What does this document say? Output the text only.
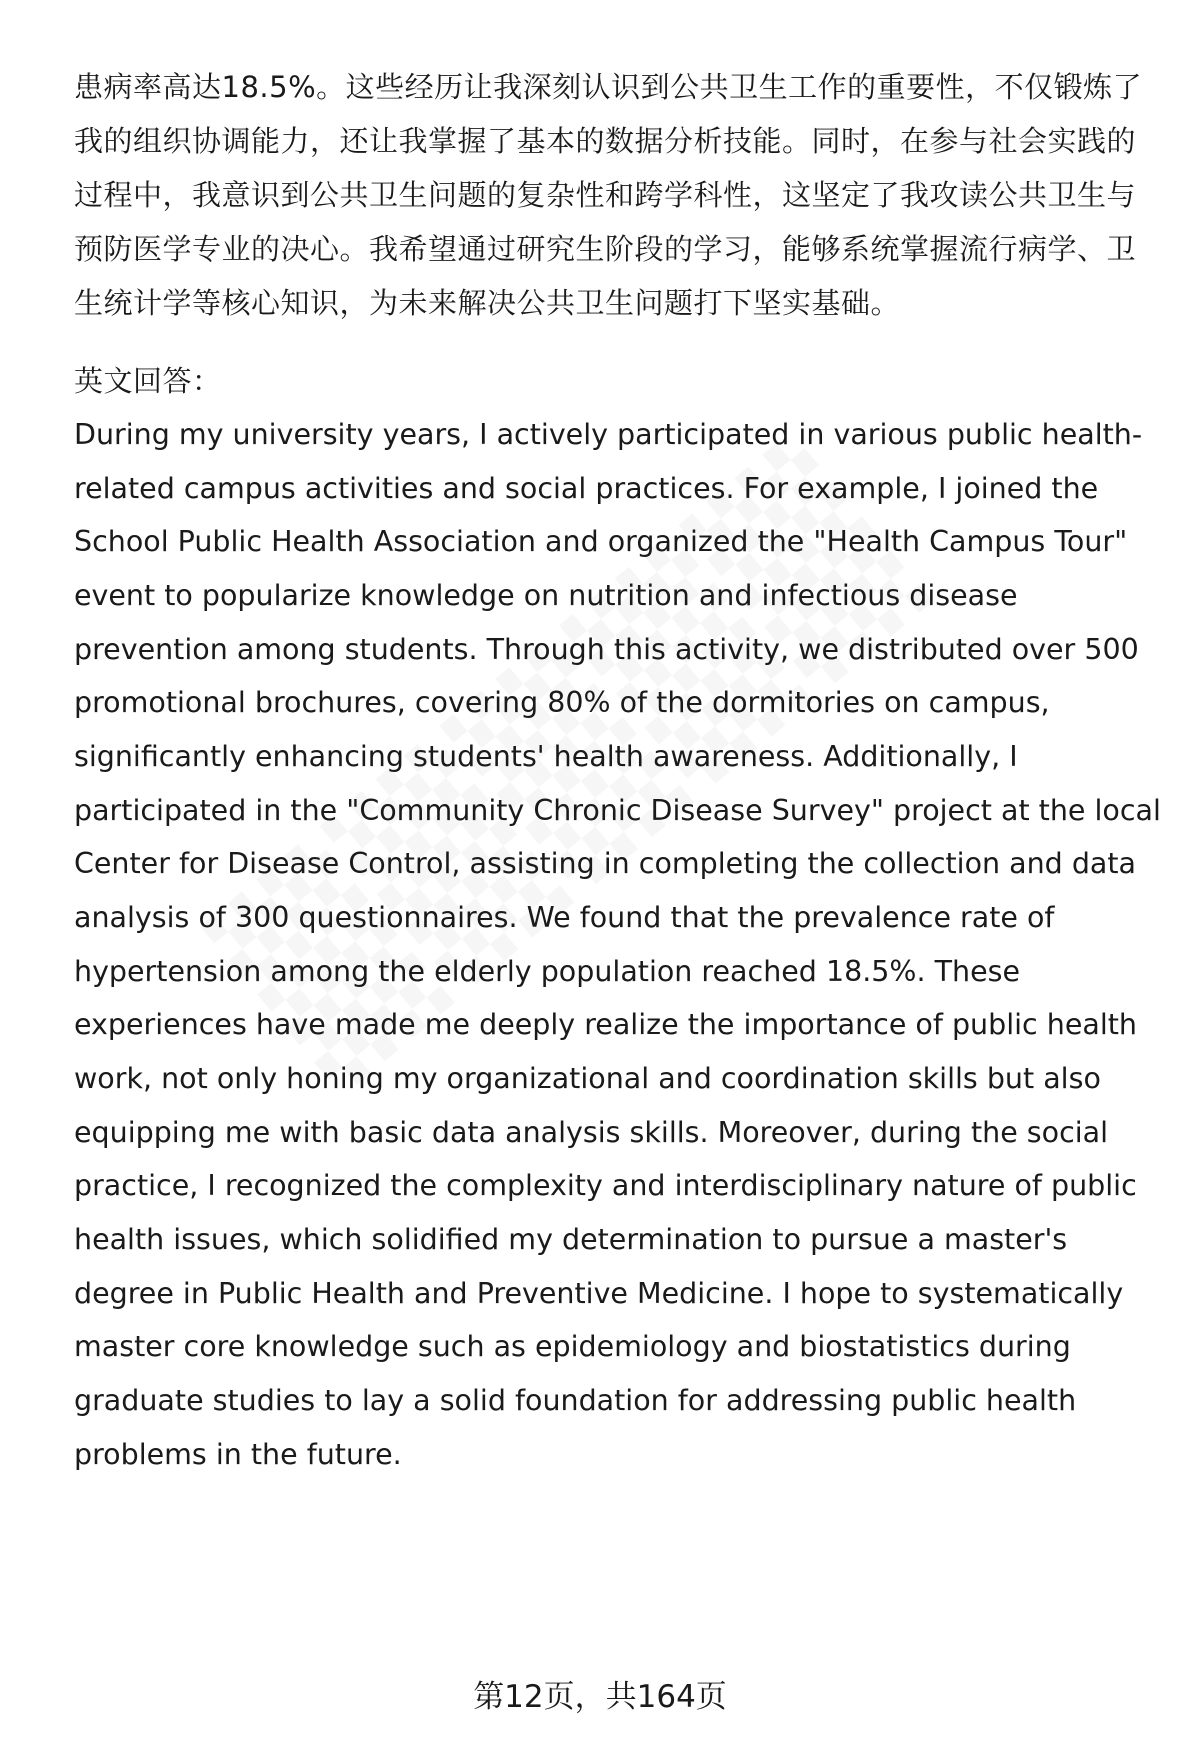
患病率高达18.5%。这些经历让我深刻认识到公共卫生工作的重要性，不仅锻炼了
我的组织协调能力，还让我掌握了基本的数据分析技能。同时，在参与社会实践的
过程中，我意识到公共卫生问题的复杂性和跨学科性，这坚定了我攻读公共卫生与
预防医学专业的决心。我希望通过研究生阶段的学习，能够系统掌握流行病学、卫
生统计学等核心知识，为未来解决公共卫生问题打下坚实基础。
英文回答：
During my university years, I actively participated in various public health-
related campus activities and social practices. For example, I joined the
School Public Health Association and organized the "Health Campus Tour"
event to popularize knowledge on nutrition and infectious disease
prevention among students. Through this activity, we distributed over 500
promotional brochures, covering 80% of the dormitories on campus,
significantly enhancing students' health awareness. Additionally, I
participated in the "Community Chronic Disease Survey" project at the local
Center for Disease Control, assisting in completing the collection and data
analysis of 300 questionnaires. We found that the prevalence rate of
hypertension among the elderly population reached 18.5%. These
experiences have made me deeply realize the importance of public health
work, not only honing my organizational and coordination skills but also
equipping me with basic data analysis skills. Moreover, during the social
practice, I recognized the complexity and interdisciplinary nature of public
health issues, which solidified my determination to pursue a master's
degree in Public Health and Preventive Medicine. I hope to systematically
master core knowledge such as epidemiology and biostatistics during
graduate studies to lay a solid foundation for addressing public health
problems in the future.
第12页，共164页
